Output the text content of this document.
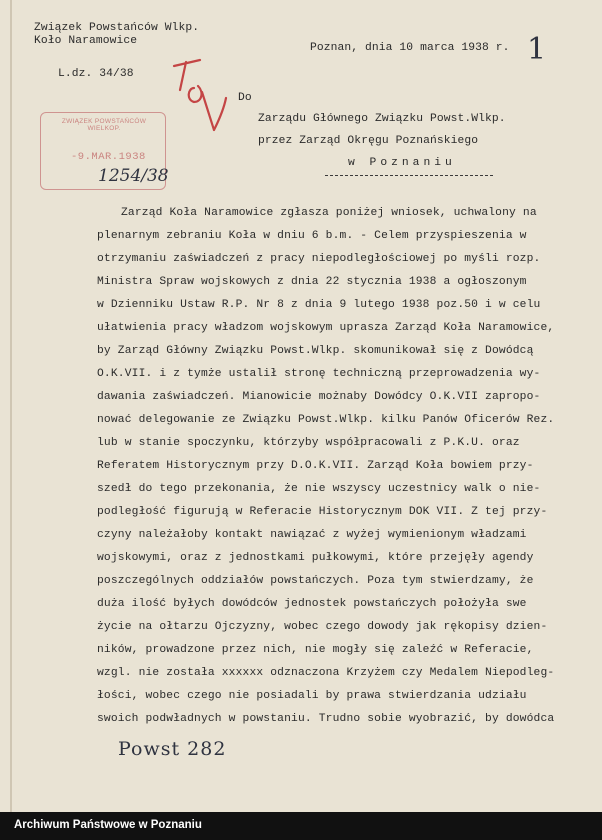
Związek Powstańców Wlkp.
Koło Naramowice
L.dz. 34/38
Poznan, dnia 10 marca 1938 r. 1
Do
Zarządu Głównego Związku Powst.Wlkp.
przez Zarząd Okręgu Poznańskiego
w Poznaniu
ZWIĄZEK POWSTAŃCÓW WIELKOP.
-9.MAR.1938
1254/38
Zarząd Koła Naramowice zgłasza poniżej wniosek, uchwalony na
plenarnym zebraniu Koła w dniu 6 b.m. - Celem przyspieszenia w
otrzymaniu zaświadczeń z pracy niepodległościowej po myśli rozp.
Ministra Spraw wojskowych z dnia 22 stycznia 1938 a ogłoszonym
w Dzienniku Ustaw R.P. Nr 8 z dnia 9 lutego 1938 poz.50 i w celu
ułatwienia pracy władzom wojskowym uprasza Zarząd Koła Naramowice,
by Zarząd Główny Związku Powst.Wlkp. skomunikował się z Dowódcą
O.K.VII. i z tymże ustalił stronę techniczną przeprowadzenia wy-
dawania zaświadczeń. Mianowicie możnaby Dowódcy O.K.VII zapropo-
nować delegowanie ze Związku Powst.Wlkp. kilku Panów Oficerów Rez.
lub w stanie spoczynku, którzyby współpracowali z P.K.U. oraz
Referatem Historycznym przy D.O.K.VII. Zarząd Koła bowiem przy-
szedł do tego przekonania, że nie wszyscy uczestnicy walk o nie-
podległość figurują w Referacie Historycznym DOK VII. Z tej przy-
czyny należałoby kontakt nawiązać z wyżej wymienionym władzami
wojskowymi, oraz z jednostkami pułkowymi, które przejęły agendy
poszczególnych oddziałów powstańczych. Poza tym stwierdzamy, że
duża ilość byłych dowódców jednostek powstańczych położyła swe
życie na ołtarzu Ojczyzny, wobec czego dowody jak rękopisy dzien-
ników, prowadzone przez nich, nie mogły się zaleźć w Referacie,
wzgl. nie została xxxxxx odznaczona Krzyżem czy Medalem Niepodleg-
łości, wobec czego nie posiadali by prawa stwierdzania udziału
swoich podwładnych w powstaniu. Trudno sobie wyobrazić, by dowódca
Powst 282
Archiwum Państwowe w Poznaniu
